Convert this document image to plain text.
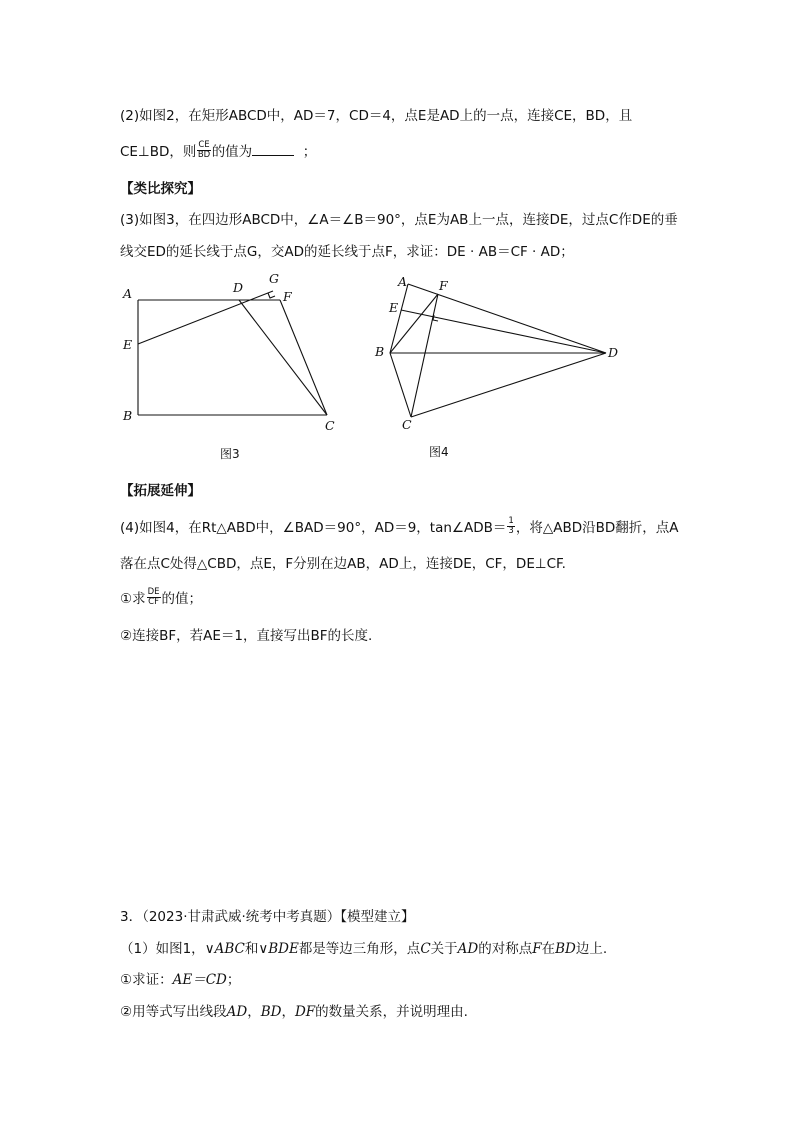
(2)如图2，在矩形ABCD中，AD＝7，CD＝4，点E是AD上的一点，连接CE，BD，且
CE⊥BD，则 $\frac{CE}{BD}$ 的值为	；
【类比探究】
(3)如图3，在四边形ABCD中，∠A＝∠B＝90°，点E为AB上一点，连接DE，过点C作DE的垂
线交ED的延长线于点G，交AD的延长线于点F，求证：DE · AB＝CF · AD；
A	D
G
F
E
B
C
图3
A	F
E
B	D
C
图4
【拓展延伸】
(4)如图4，在Rt△ABD中，∠BAD＝90°，AD＝9，tan∠ADB＝ $\frac{1}{3}$ ，将△ABD沿BD翻折，点A
落在点C处得△CBD，点E，F分别在边AB，AD上，连接DE，CF，DE⊥CF.
①求 $\frac{DE}{CF}$ 的值；
②连接BF，若AE＝1，直接写出BF的长度.
3．（2023·甘肃武威·统考中考真题）【模型建立】
（1）如图1，∨ABC和∨BDE都是等边三角形，点C关于AD的对称点F在BD边上.
①求证：AE＝CD；
②用等式写出线段AD，BD，DF的数量关系，并说明理由.
